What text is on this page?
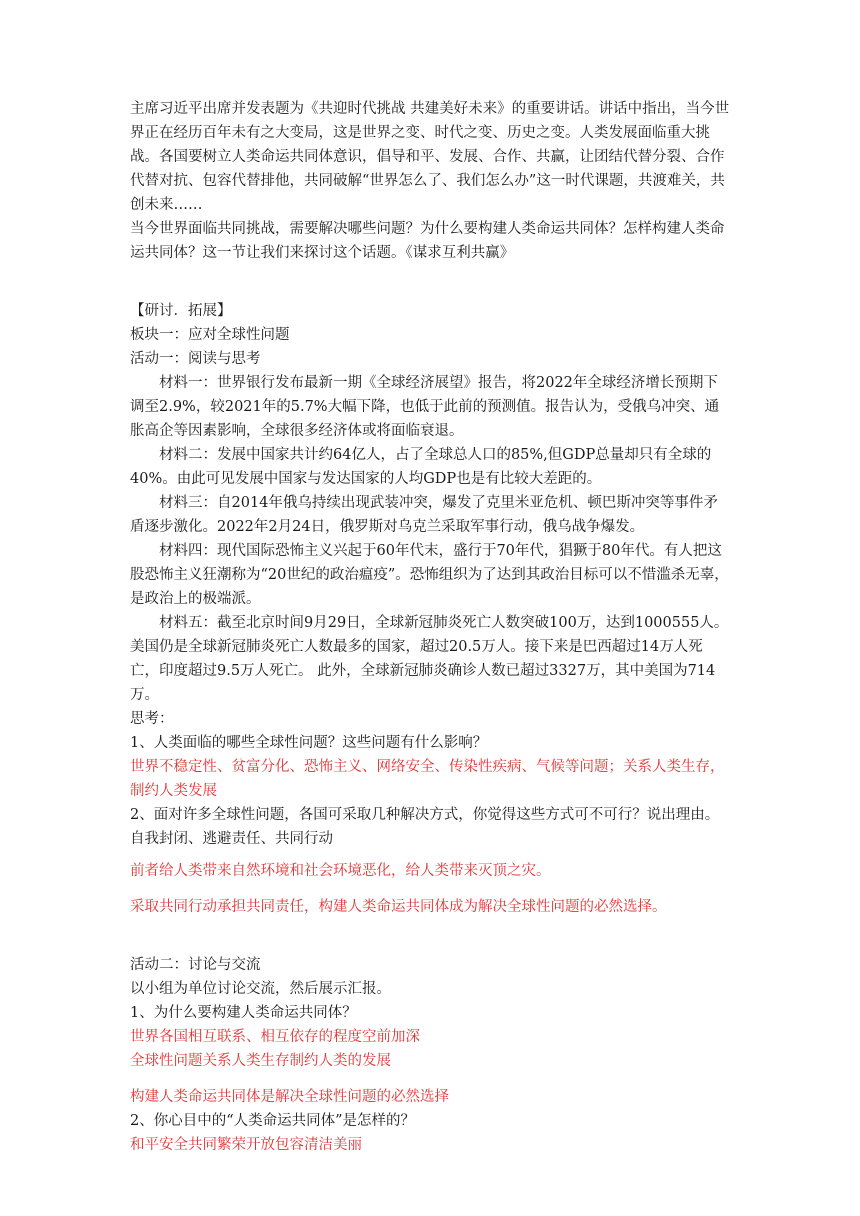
主席习近平出席并发表题为《共迎时代挑战 共建美好未来》的重要讲话。讲话中指出，当今世界正在经历百年未有之大变局，这是世界之变、时代之变、历史之变。人类发展面临重大挑战。各国要树立人类命运共同体意识，倡导和平、发展、合作、共赢，让团结代替分裂、合作代替对抗、包容代替排他，共同破解“世界怎么了、我们怎么办”这一时代课题，共渡难关，共创未来……

当今世界面临共同挑战，需要解决哪些问题？为什么要构建人类命运共同体？怎样构建人类命运共同体？这一节让我们来探讨这个话题。《谋求互利共赢》

【研讨．拓展】

板块一：应对全球性问题

活动一：阅读与思考

材料一：世界银行发布最新一期《全球经济展望》报告，将2022年全球经济增长预期下调至2.9%，较2021年的5.7%大幅下降，也低于此前的预测值。报告认为，受俄乌冲突、通胀高企等因素影响，全球很多经济体或将面临衰退。

材料二：发展中国家共计约64亿人，占了全球总人口的85%,但GDP总量却只有全球的40%。由此可见发展中国家与发达国家的人均GDP也是有比较大差距的。

材料三：自2014年俄乌持续出现武装冲突，爆发了克里米亚危机、顿巴斯冲突等事件矛盾逐步激化。2022年2月24日，俄罗斯对乌克兰采取军事行动，俄乌战争爆发。

材料四：现代国际恐怖主义兴起于60年代末，盛行于70年代，猖獗于80年代。有人把这股恐怖主义狂潮称为“20世纪的政治瘟疫”。恐怖组织为了达到其政治目标可以不惜滥杀无辜，是政治上的极端派。

材料五：截至北京时间9月29日，全球新冠肺炎死亡人数突破100万，达到1000555人。 美国仍是全球新冠肺炎死亡人数最多的国家，超过20.5万人。接下来是巴西超过14万人死亡，印度超过9.5万人死亡。 此外，全球新冠肺炎确诊人数已超过3327万，其中美国为714万。

思考：

1、人类面临的哪些全球性问题？这些问题有什么影响？

世界不稳定性、贫富分化、恐怖主义、网络安全、传染性疾病、气候等问题；关系人类生存，制约人类发展

2、面对许多全球性问题，各国可采取几种解决方式，你觉得这些方式可不可行？说出理由。自我封闭、逃避责任、共同行动

前者给人类带来自然环境和社会环境恶化，给人类带来灭顶之灾。

采取共同行动承担共同责任，构建人类命运共同体成为解决全球性问题的必然选择。

活动二：讨论与交流

以小组为单位讨论交流，然后展示汇报。

1、为什么要构建人类命运共同体？

世界各国相互联系、相互依存的程度空前加深

全球性问题关系人类生存制约人类的发展

构建人类命运共同体是解决全球性问题的必然选择

2、你心目中的“人类命运共同体”是怎样的？

和平安全共同繁荣开放包容清洁美丽
